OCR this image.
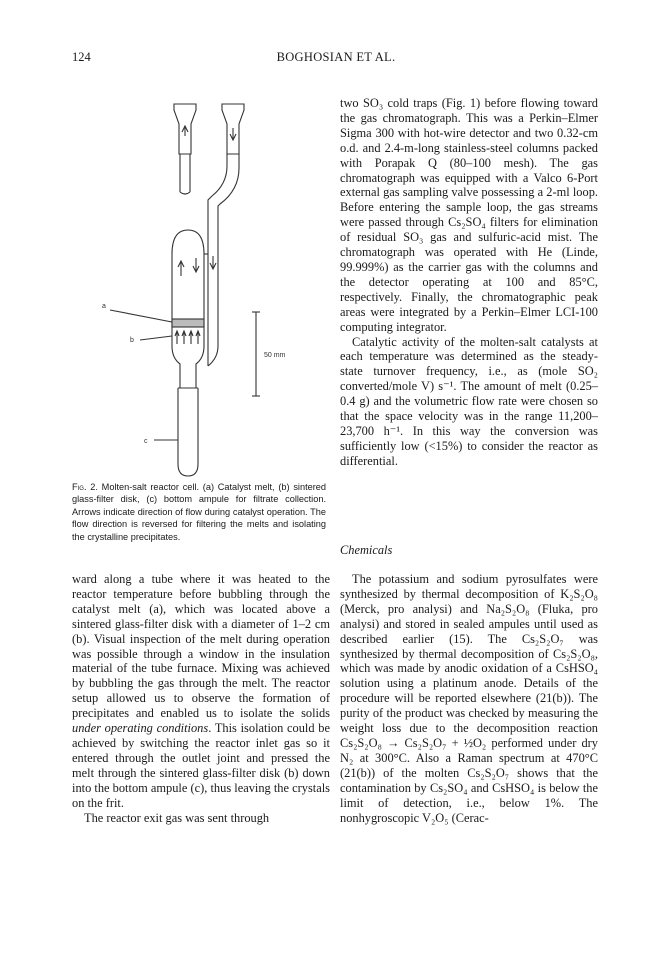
124	BOGHOSIAN ET AL.
a
b
c
50 mm
Fig. 2. Molten-salt reactor cell. (a) Catalyst melt, (b) sintered glass-filter disk, (c) bottom ampule for filtrate collection. Arrows indicate direction of flow during catalyst operation. The flow direction is reversed for filtering the melts and isolating the crystalline precipitates.

two SO₃ cold traps (Fig. 1) before flowing toward the gas chromatograph. This was a Perkin–Elmer Sigma 300 with hot-wire detector and two 0.32-cm o.d. and 2.4-m-long stainless-steel columns packed with Porapak Q (80–100 mesh). The gas chromatograph was equipped with a Valco 6-Port external gas sampling valve possessing a 2-ml loop. Before entering the sample loop, the gas streams were passed through Cs₂SO₄ filters for elimination of residual SO₃ gas and sulfuric-acid mist. The chromatograph was operated with He (Linde, 99.999%) as the carrier gas with the columns and the detector operating at 100 and 85°C, respectively. Finally, the chromatographic peak areas were integrated by a Perkin–Elmer LCI-100 computing integrator.

Catalytic activity of the molten-salt catalysts at each temperature was determined as the steady-state turnover frequency, i.e., as (mole SO₂ converted/mole V) s⁻¹. The amount of melt (0.25–0.4 g) and the volumetric flow rate were chosen so that the space velocity was in the range 11,200–23,700 h⁻¹. In this way the conversion was sufficiently low (<15%) to consider the reactor as differential.

Chemicals

ward along a tube where it was heated to the reactor temperature before bubbling through the catalyst melt (a), which was located above a sintered glass-filter disk with a diameter of 1–2 cm (b). Visual inspection of the melt during operation was possible through a window in the insulation material of the tube furnace. Mixing was achieved by bubbling the gas through the melt. The reactor setup allowed us to observe the formation of precipitates and enabled us to isolate the solids under operating conditions. This isolation could be achieved by switching the reactor inlet gas so it entered through the outlet joint and pressed the melt through the sintered glass-filter disk (b) down into the bottom ampule (c), thus leaving the crystals on the frit.

The reactor exit gas was sent through

The potassium and sodium pyrosulfates were synthesized by thermal decomposition of K₂S₂O₈ (Merck, pro analysi) and Na₂S₂O₈ (Fluka, pro analysi) and stored in sealed ampules until used as described earlier (15). The Cs₂S₂O₇ was synthesized by thermal decomposition of Cs₂S₂O₈, which was made by anodic oxidation of a CsHSO₄ solution using a platinum anode. Details of the procedure will be reported elsewhere (21(b)). The purity of the product was checked by measuring the weight loss due to the decomposition reaction Cs₂S₂O₈ → Cs₂S₂O₇ + ½O₂ performed under dry N₂ at 300°C. Also a Raman spectrum at 470°C (21(b)) of the molten Cs₂S₂O₇ shows that the contamination by Cs₂SO₄ and CsHSO₄ is below the limit of detection, i.e., below 1%. The nonhygroscopic V₂O₅ (Cerac-
